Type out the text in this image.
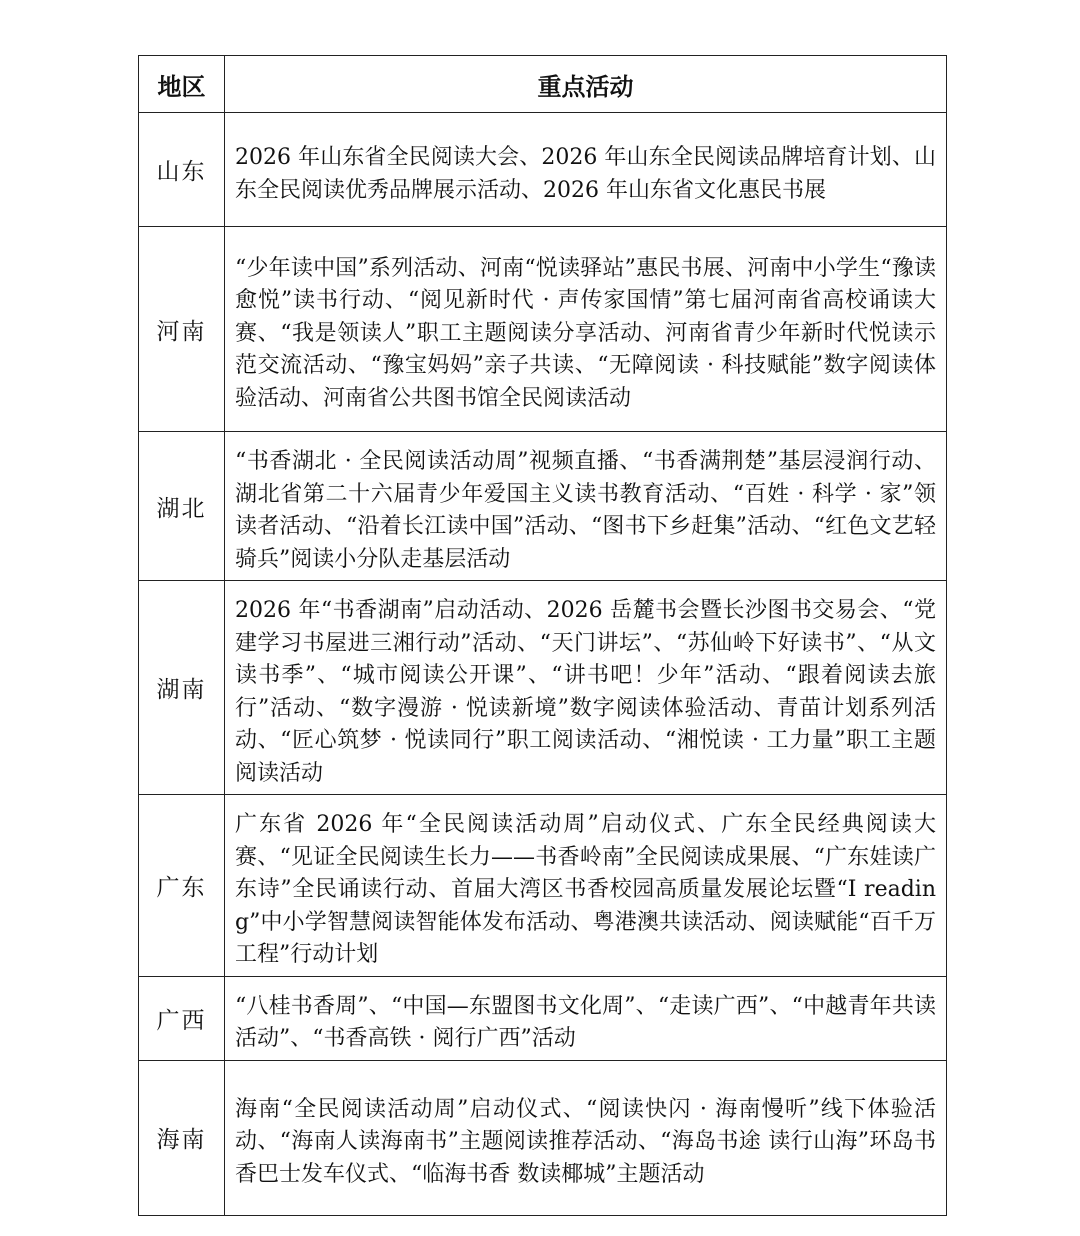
地区	重点活动
山东	2026 年山东省全民阅读大会、2026 年山东全民阅读品牌培育计划、山东全民阅读优秀品牌展示活动、2026 年山东省文化惠民书展
河南	“少年读中国”系列活动、河南“悦读驿站”惠民书展、河南中小学生“豫读愈悦”读书行动、“阅见新时代 · 声传家国情”第七届河南省高校诵读大赛、“我是领读人”职工主题阅读分享活动、河南省青少年新时代悦读示范交流活动、“豫宝妈妈”亲子共读、“无障阅读 · 科技赋能”数字阅读体验活动、河南省公共图书馆全民阅读活动
湖北	“书香湖北 · 全民阅读活动周”视频直播、“书香满荆楚”基层浸润行动、湖北省第二十六届青少年爱国主义读书教育活动、“百姓 · 科学 · 家”领读者活动、“沿着长江读中国”活动、“图书下乡赶集”活动、“红色文艺轻骑兵”阅读小分队走基层活动
湖南	2026 年“书香湖南”启动活动、2026 岳麓书会暨长沙图书交易会、“党建学习书屋进三湘行动”活动、“天门讲坛”、“苏仙岭下好读书”、“从文读书季”、“城市阅读公开课”、“讲书吧！少年”活动、“跟着阅读去旅行”活动、“数字漫游 · 悦读新境”数字阅读体验活动、青苗计划系列活动、“匠心筑梦 · 悦读同行”职工阅读活动、“湘悦读 · 工力量”职工主题阅读活动
广东	广东省 2026 年“全民阅读活动周”启动仪式、广东全民经典阅读大赛、“见证全民阅读生长力——书香岭南”全民阅读成果展、“广东娃读广东诗”全民诵读行动、首届大湾区书香校园高质量发展论坛暨“I reading”中小学智慧阅读智能体发布活动、粤港澳共读活动、阅读赋能“百千万工程”行动计划
广西	“八桂书香周”、“中国—东盟图书文化周”、“走读广西”、“中越青年共读活动”、“书香高铁 · 阅行广西”活动
海南	海南“全民阅读活动周”启动仪式、“阅读快闪 · 海南慢听”线下体验活动、“海南人读海南书”主题阅读推荐活动、“海岛书途 读行山海”环岛书香巴士发车仪式、“临海书香 数读椰城”主题活动
